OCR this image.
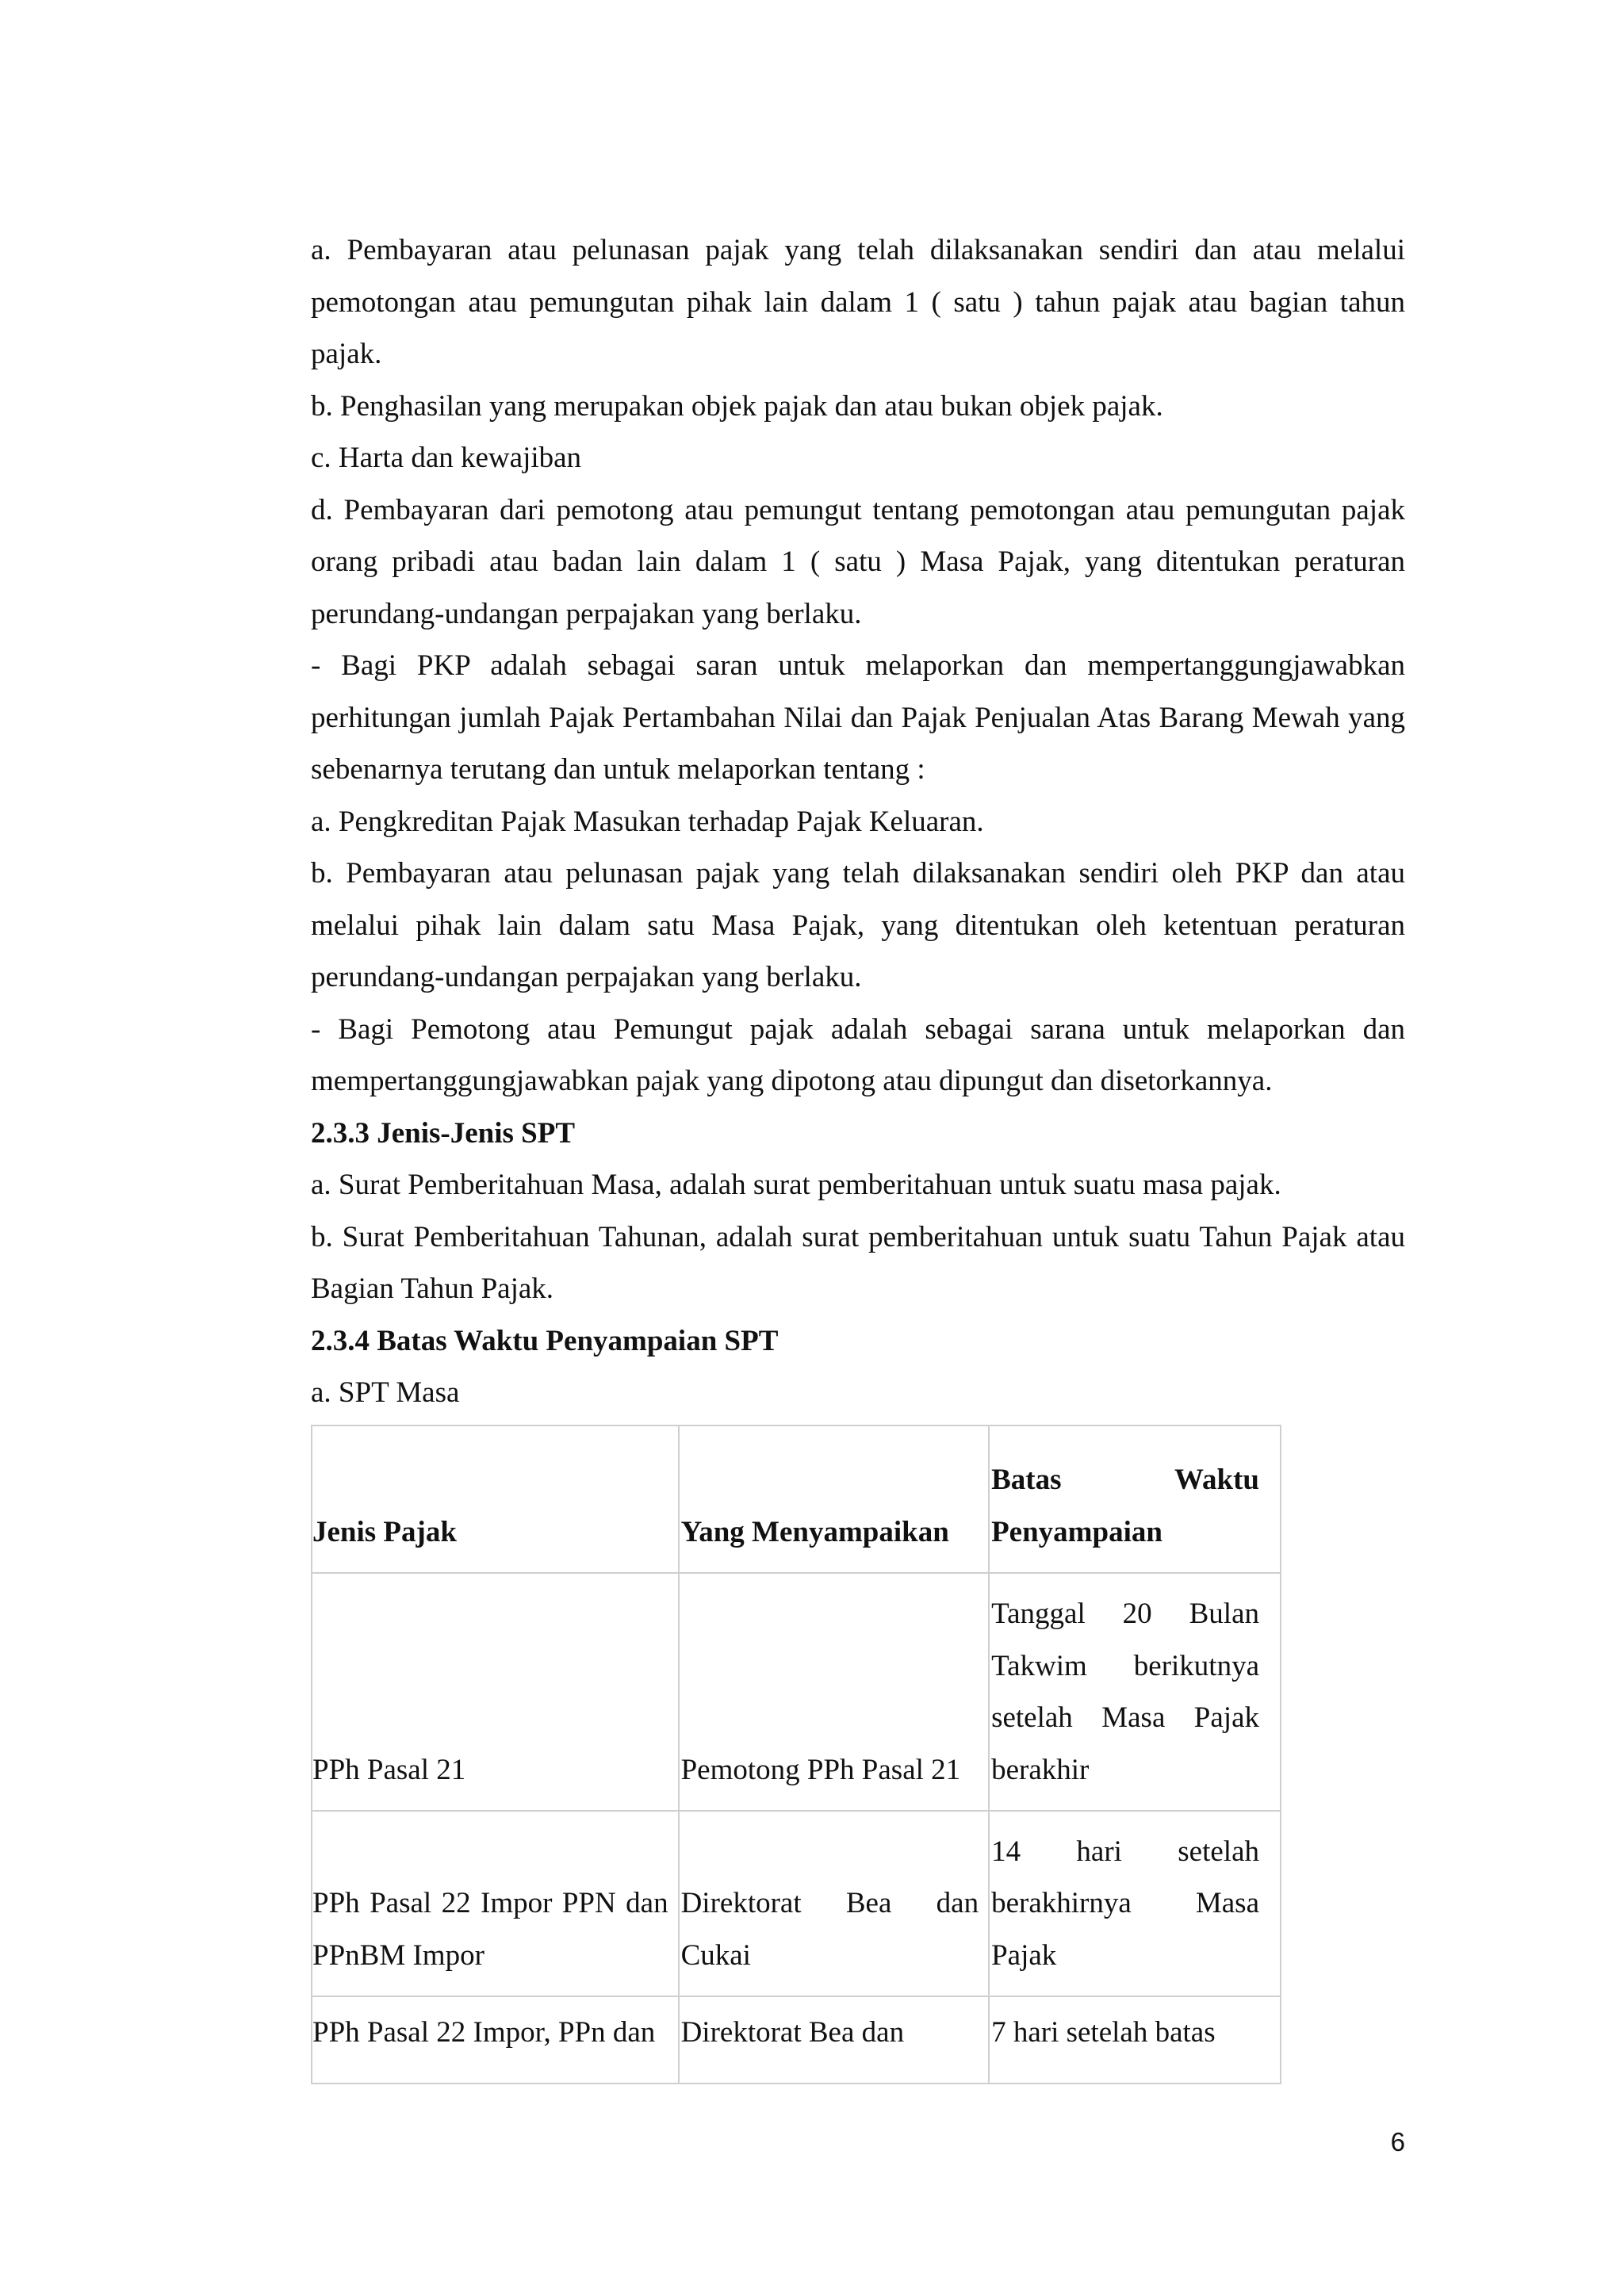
a. Pembayaran atau pelunasan pajak yang telah dilaksanakan sendiri dan atau melalui pemotongan atau pemungutan pihak lain dalam 1 ( satu ) tahun pajak atau bagian tahun pajak.

b. Penghasilan yang merupakan objek pajak dan atau bukan objek pajak.

c. Harta dan kewajiban

d. Pembayaran dari pemotong atau pemungut tentang pemotongan atau pemungutan pajak orang pribadi atau badan lain dalam 1 ( satu ) Masa Pajak, yang ditentukan peraturan perundang-undangan perpajakan yang berlaku.

- Bagi PKP adalah sebagai saran untuk melaporkan dan mempertanggungjawabkan perhitungan jumlah Pajak Pertambahan Nilai dan Pajak Penjualan Atas Barang Mewah yang sebenarnya terutang dan untuk melaporkan tentang :

a. Pengkreditan Pajak Masukan terhadap Pajak Keluaran.

b. Pembayaran atau pelunasan pajak yang telah dilaksanakan sendiri oleh PKP dan atau melalui pihak lain dalam satu Masa Pajak, yang ditentukan oleh ketentuan peraturan perundang-undangan perpajakan yang berlaku.

- Bagi Pemotong atau Pemungut pajak adalah sebagai sarana untuk melaporkan dan mempertanggungjawabkan pajak yang dipotong atau dipungut dan disetorkannya.

2.3.3 Jenis-Jenis SPT

a. Surat Pemberitahuan Masa, adalah surat pemberitahuan untuk suatu masa pajak.

b. Surat Pemberitahuan Tahunan, adalah surat pemberitahuan untuk suatu Tahun Pajak atau Bagian Tahun Pajak.

2.3.4 Batas Waktu Penyampaian SPT

a. SPT Masa

Jenis Pajak	Yang Menyampaikan	Batas Waktu Penyampaian
PPh Pasal 21	Pemotong PPh Pasal 21	Tanggal 20 Bulan Takwim berikutnya setelah Masa Pajak berakhir
PPh Pasal 22 Impor PPN dan PPnBM Impor	Direktorat Bea dan Cukai	14 hari setelah berakhirnya Masa Pajak
PPh Pasal 22 Impor, PPn dan	Direktorat Bea dan	7 hari setelah batas
6
